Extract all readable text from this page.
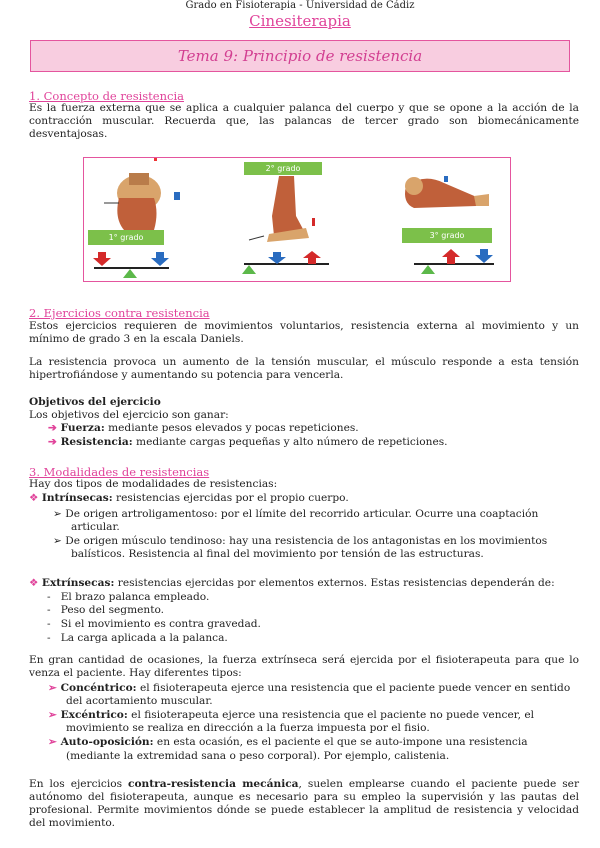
Grado en Fisioterapia - Universidad de Cádiz
Cinesiterapia
Tema 9: Principio de resistencia
1. Concepto de resistencia

Es la fuerza externa que se aplica a cualquier palanca del cuerpo y que se opone a la acción de la contracción muscular. Recuerda que, las palancas de tercer grado son biomecánicamente desventajosas.

1° grado
2° grado
3° grado
2. Ejercicios contra resistencia

Estos ejercicios requieren de movimientos voluntarios, resistencia externa al movimiento y un mínimo de grado 3 en la escala Daniels.

La resistencia provoca un aumento de la tensión muscular, el músculo responde a esta tensión hipertrofiándose y aumentando su potencia para vencerla.

Objetivos del ejercicio
Los objetivos del ejercicio son ganar:
➔ Fuerza: mediante pesos elevados y pocas repeticiones.
➔ Resistencia: mediante cargas pequeñas y alto número de repeticiones.
3. Modalidades de resistencias
Hay dos tipos de modalidades de resistencias:
❖ Intrínsecas: resistencias ejercidas por el propio cuerpo.
➢ De origen artroligamentoso: por el límite del recorrido articular. Ocurre una coaptación
articular.
➢ De origen músculo tendinoso: hay una resistencia de los antagonistas en los movimientos
balísticos. Resistencia al final del movimiento por tensión de las estructuras.
❖ Extrínsecas: resistencias ejercidas por elementos externos. Estas resistencias dependerán de:
-   El brazo palanca empleado.
-   Peso del segmento.
-   Si el movimiento es contra gravedad.
-   La carga aplicada a la palanca.

En gran cantidad de ocasiones, la fuerza extrínseca será ejercida por el fisioterapeuta para que lo venza el paciente. Hay diferentes tipos:

➢ Concéntrico: el fisioterapeuta ejerce una resistencia que el paciente puede vencer en sentido
del acortamiento muscular.
➢ Excéntrico: el fisioterapeuta ejerce una resistencia que el paciente no puede vencer, el
movimiento se realiza en dirección a la fuerza impuesta por el fisio.
➢ Auto-oposición: en esta ocasión, es el paciente el que se auto-impone una resistencia
(mediante la extremidad sana o peso corporal). Por ejemplo, calistenia.

En los ejercicios contra-resistencia mecánica, suelen emplearse cuando el paciente puede ser autónomo del fisioterapeuta, aunque es necesario para su empleo la supervisión y las pautas del profesional. Permite movimientos dónde se puede establecer la amplitud de resistencia y velocidad del movimiento.
